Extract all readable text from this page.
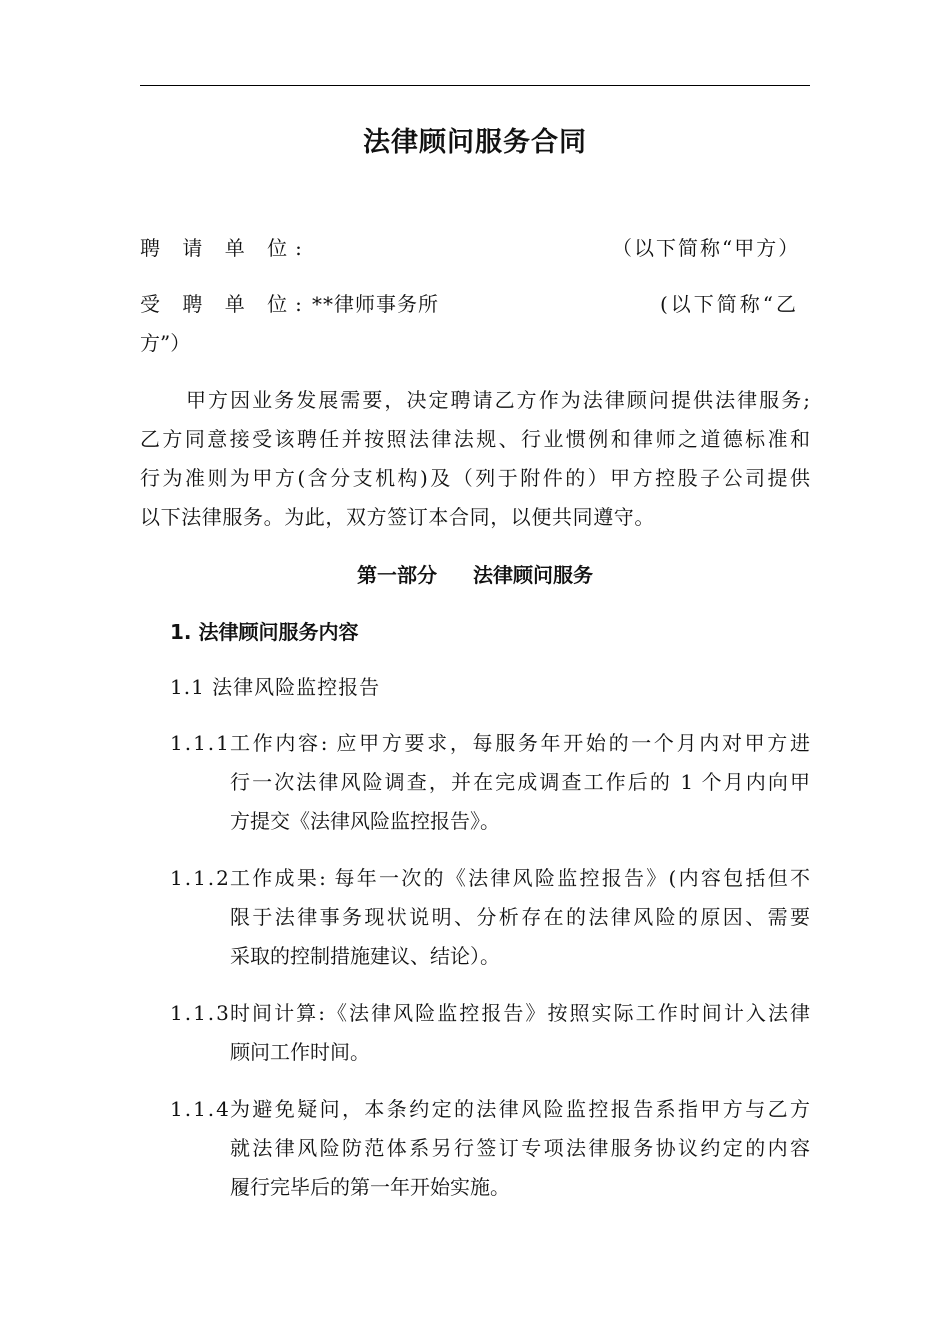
法律顾问服务合同
聘 请 单 位:	（以下简称“甲方）
受 聘 单 位: **律师事务所	(以下简称“乙
方”）
甲方因业务发展需要，决定聘请乙方作为法律顾问提供法律服务;
乙方同意接受该聘任并按照法律法规、行业惯例和律师之道德标准和
行为准则为甲方(含分支机构)及（列于附件的）甲方控股子公司提供
以下法律服务。为此，双方签订本合同，以便共同遵守。
第一部分 法律顾问服务
1. 法律顾问服务内容
1.1 法律风险监控报告
1.1.1 工作内容: 应甲方要求，每服务年开始的一个月内对甲方进
行一次法律风险调查，并在完成调查工作后的 1 个月内向甲
方提交《法律风险监控报告》。
1.1.2 工作成果: 每年一次的《法律风险监控报告》(内容包括但不
限于法律事务现状说明、分析存在的法律风险的原因、需要
采取的控制措施建议、结论）。
1.1.3 时间计算:《法律风险监控报告》按照实际工作时间计入法律
顾问工作时间。
1.1.4 为避免疑问，本条约定的法律风险监控报告系指甲方与乙方
就法律风险防范体系另行签订专项法律服务协议约定的内容
履行完毕后的第一年开始实施。
